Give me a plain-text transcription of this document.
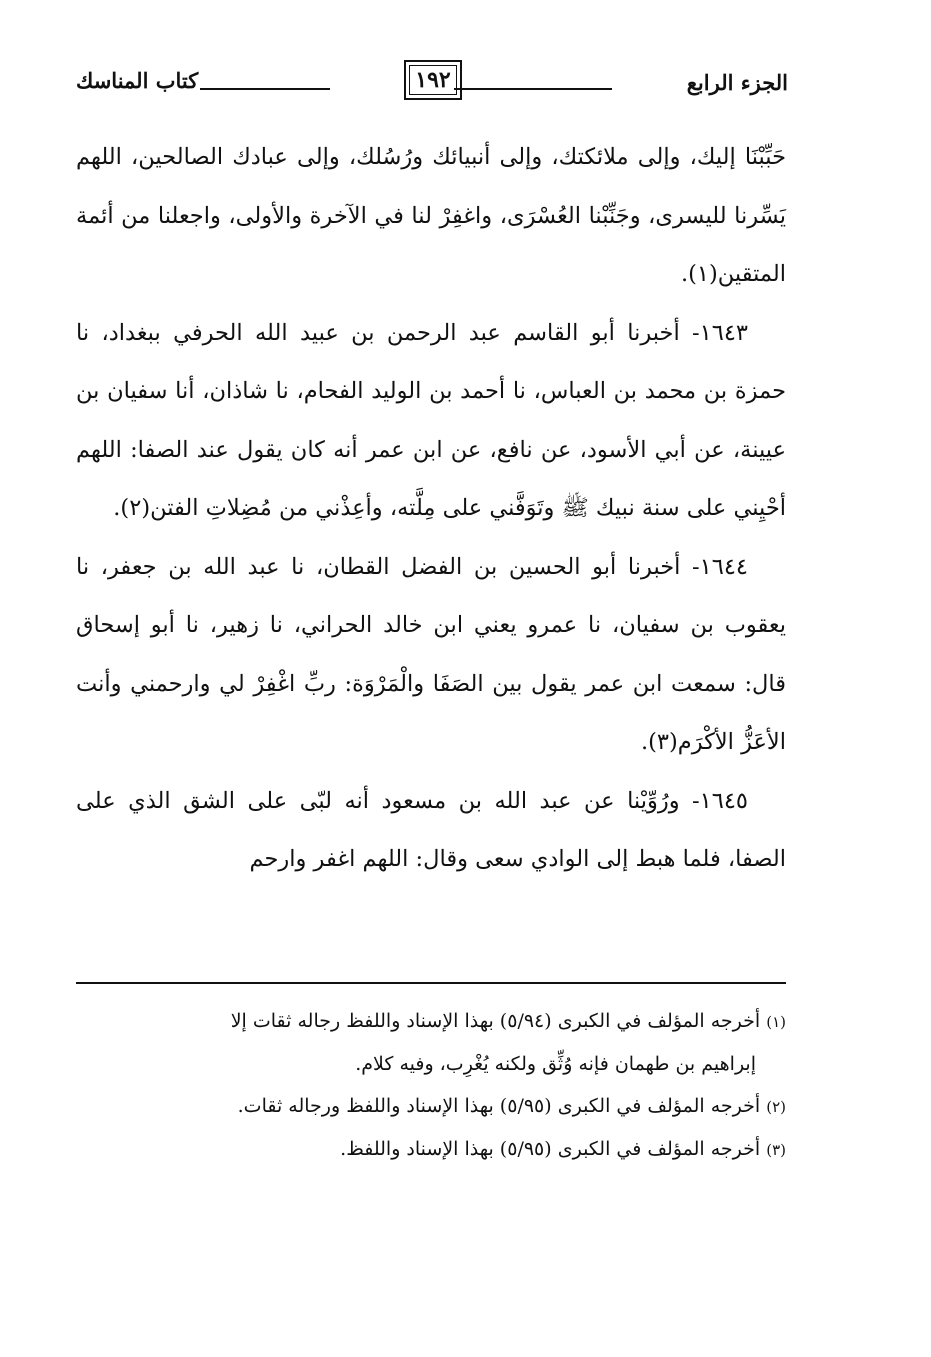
الجزء الرابع
١٩٢
كتاب المناسك

حَبِّبْنَا إليك، وإلى ملائكتك، وإلى أنبيائك ورُسُلك، وإلى عبادك الصالحين، اللهم يَسِّرنا لليسرى، وجَنِّبْنا العُسْرَى، واغفِرْ لنا في الآخرة والأولى، واجعلنا من أئمة المتقين(١).

١٦٤٣- أخبرنا أبو القاسم عبد الرحمن بن عبيد الله الحرفي ببغداد، نا حمزة بن محمد بن العباس، نا أحمد بن الوليد الفحام، نا شاذان، أنا سفيان بن عيينة، عن أبي الأسود، عن نافع، عن ابن عمر أنه كان يقول عند الصفا: اللهم أحْيِني على سنة نبيك ﷺ وتَوَفَّني على مِلَّته، وأعِذْني من مُضِلاتِ الفتن(٢).

١٦٤٤- أخبرنا أبو الحسين بن الفضل القطان، نا عبد الله بن جعفر، نا يعقوب بن سفيان، نا عمرو يعني ابن خالد الحراني، نا زهير، نا أبو إسحاق قال: سمعت ابن عمر يقول بين الصَفَا والْمَرْوَة: ربِّ اغْفِرْ لي وارحمني وأنت الأعَزُّ الأكْرَم(٣).

١٦٤٥- ورُوِّيْنا عن عبد الله بن مسعود أنه لبّى على الشق الذي على الصفا، فلما هبط إلى الوادي سعى وقال: اللهم اغفر وارحم

(١) أخرجه المؤلف في الكبرى (٥/٩٤) بهذا الإسناد واللفظ رجاله ثقات إلا
إبراهيم بن طهمان فإنه وُثِّق ولكنه يُغْرِب، وفيه كلام.

(٢) أخرجه المؤلف في الكبرى (٥/٩٥) بهذا الإسناد واللفظ ورجاله ثقات.

(٣) أخرجه المؤلف في الكبرى (٥/٩٥) بهذا الإسناد واللفظ.
